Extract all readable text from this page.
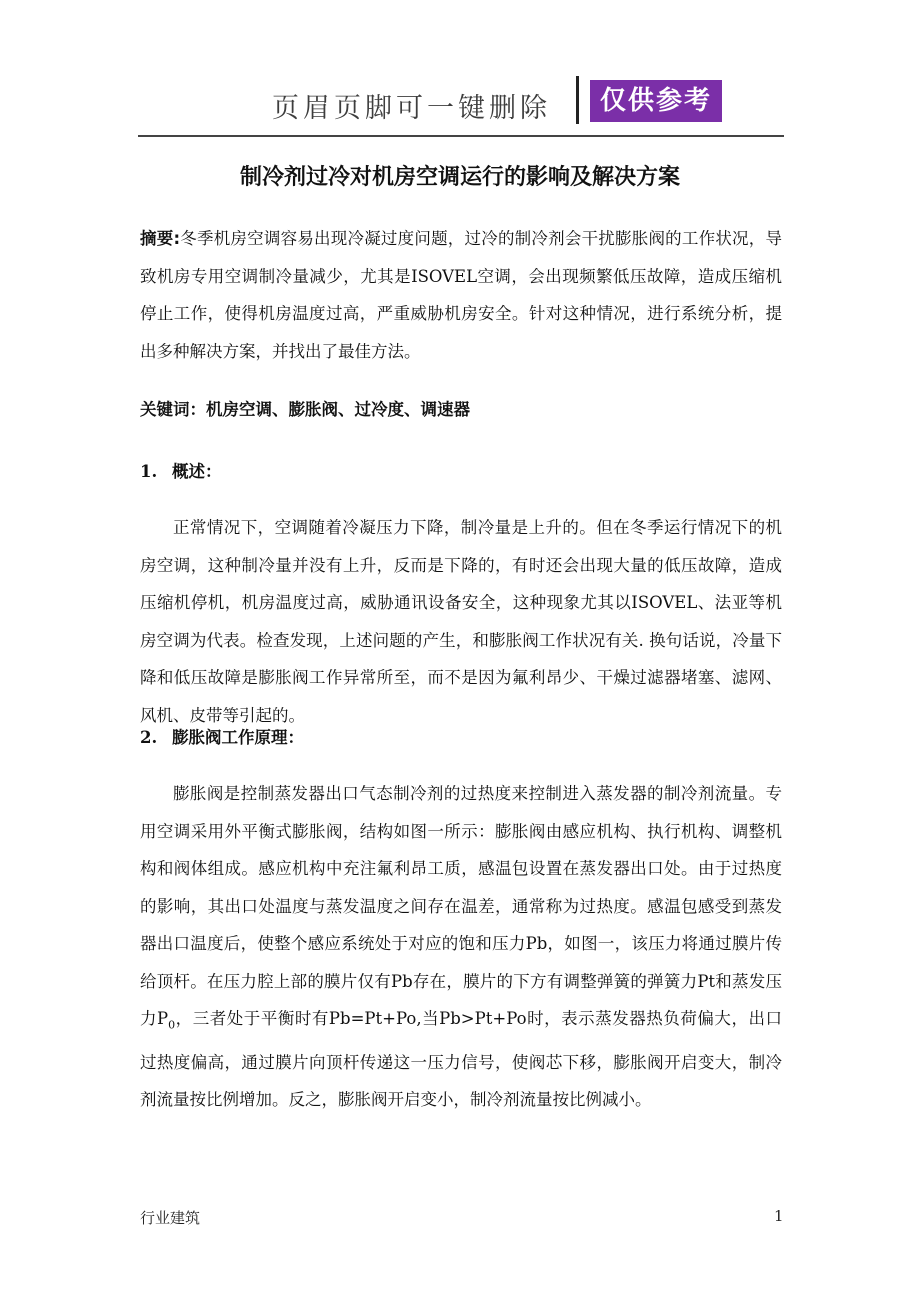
页眉页脚可一键删除	仅供参考
制冷剂过冷对机房空调运行的影响及解决方案

摘要:冬季机房空调容易出现冷凝过度问题，过冷的制冷剂会干扰膨胀阀的工作状况，导致机房专用空调制冷量减少，尤其是ISOVEL空调，会出现频繁低压故障，造成压缩机停止工作，使得机房温度过高，严重威胁机房安全。针对这种情况，进行系统分析，提出多种解决方案，并找出了最佳方法。

关键词：机房空调、膨胀阀、过冷度、调速器
1. 概述：

正常情况下，空调随着冷凝压力下降，制冷量是上升的。但在冬季运行情况下的机房空调，这种制冷量并没有上升，反而是下降的，有时还会出现大量的低压故障，造成压缩机停机，机房温度过高，威胁通讯设备安全，这种现象尤其以ISOVEL、法亚等机房空调为代表。检查发现，上述问题的产生，和膨胀阀工作状况有关. 换句话说，冷量下降和低压故障是膨胀阀工作异常所至，而不是因为氟利昂少、干燥过滤器堵塞、滤网、风机、皮带等引起的。

2. 膨胀阀工作原理：

膨胀阀是控制蒸发器出口气态制冷剂的过热度来控制进入蒸发器的制冷剂流量。专用空调采用外平衡式膨胀阀，结构如图一所示：膨胀阀由感应机构、执行机构、调整机构和阀体组成。感应机构中充注氟利昂工质，感温包设置在蒸发器出口处。由于过热度的影响，其出口处温度与蒸发温度之间存在温差，通常称为过热度。感温包感受到蒸发器出口温度后，使整个感应系统处于对应的饱和压力Pb，如图一，该压力将通过膜片传给顶杆。在压力腔上部的膜片仅有Pb存在，膜片的下方有调整弹簧的弹簧力Pt和蒸发压力$P_0$，三者处于平衡时有Pb=Pt+Po,当Pb>Pt+Po时，表示蒸发器热负荷偏大，出口过热度偏高，通过膜片向顶杆传递这一压力信号，使阀芯下移，膨胀阀开启变大，制冷剂流量按比例增加。反之，膨胀阀开启变小，制冷剂流量按比例减小。

行业建筑	1
